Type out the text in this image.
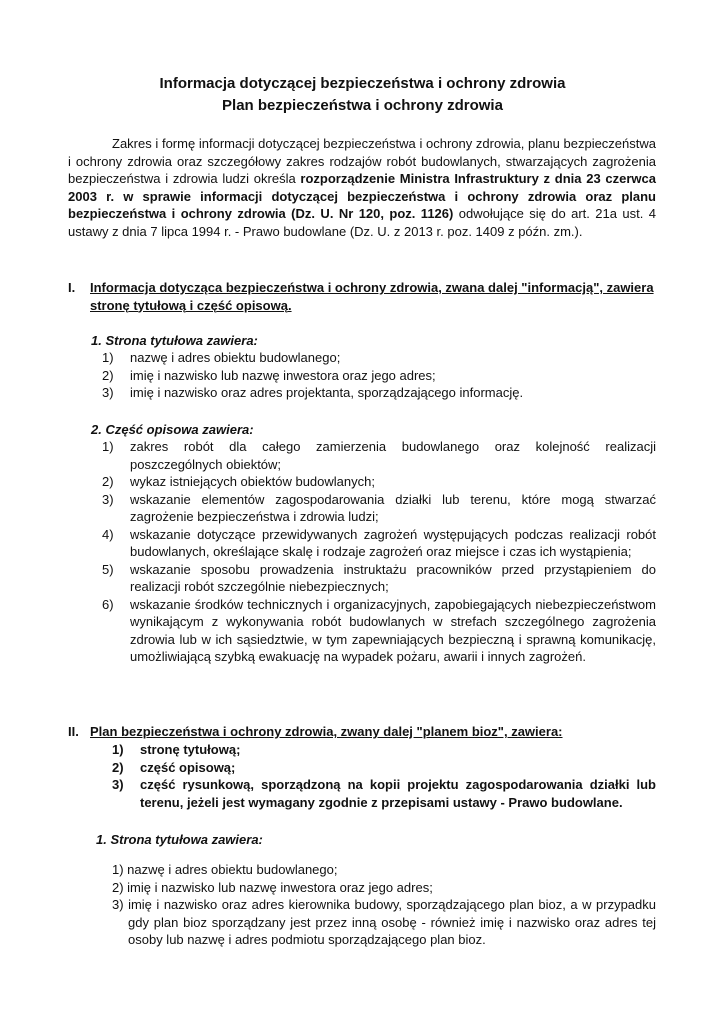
Informacja dotyczącej bezpieczeństwa i ochrony zdrowia
Plan bezpieczeństwa i ochrony zdrowia
Zakres i formę informacji dotyczącej bezpieczeństwa i ochrony zdrowia, planu bezpieczeństwa i ochrony zdrowia oraz szczegółowy zakres rodzajów robót budowlanych, stwarzających zagrożenia bezpieczeństwa i zdrowia ludzi określa rozporządzenie Ministra Infrastruktury z dnia 23 czerwca 2003 r. w sprawie informacji dotyczącej bezpieczeństwa i ochrony zdrowia oraz planu bezpieczeństwa i ochrony zdrowia (Dz. U. Nr 120, poz. 1126) odwołujące się do art. 21a ust. 4 ustawy z dnia 7 lipca 1994 r. - Prawo budowlane (Dz. U. z 2013 r. poz. 1409 z późn. zm.).
I. Informacja dotycząca bezpieczeństwa i ochrony zdrowia, zwana dalej "informacją", zawiera stronę tytułową i część opisową.
1. Strona tytułowa zawiera:
1) nazwę i adres obiektu budowlanego;
2) imię i nazwisko lub nazwę inwestora oraz jego adres;
3) imię i nazwisko oraz adres projektanta, sporządzającego informację.
2. Część opisowa zawiera:
1) zakres robót dla całego zamierzenia budowlanego oraz kolejność realizacji poszczególnych obiektów;
2) wykaz istniejących obiektów budowlanych;
3) wskazanie elementów zagospodarowania działki lub terenu, które mogą stwarzać zagrożenie bezpieczeństwa i zdrowia ludzi;
4) wskazanie dotyczące przewidywanych zagrożeń występujących podczas realizacji robót budowlanych, określające skalę i rodzaje zagrożeń oraz miejsce i czas ich wystąpienia;
5) wskazanie sposobu prowadzenia instruktażu pracowników przed przystąpieniem do realizacji robót szczególnie niebezpiecznych;
6) wskazanie środków technicznych i organizacyjnych, zapobiegających niebezpieczeństwom wynikającym z wykonywania robót budowlanych w strefach szczególnego zagrożenia zdrowia lub w ich sąsiedztwie, w tym zapewniających bezpieczną i sprawną komunikację, umożliwiającą szybką ewakuację na wypadek pożaru, awarii i innych zagrożeń.
II. Plan bezpieczeństwa i ochrony zdrowia, zwany dalej "planem bioz", zawiera:
1) stronę tytułową;
2) część opisową;
3) część rysunkową, sporządzoną na kopii projektu zagospodarowania działki lub terenu, jeżeli jest wymagany zgodnie z przepisami ustawy - Prawo budowlane.
1. Strona tytułowa zawiera:
1) nazwę i adres obiektu budowlanego;
2) imię i nazwisko lub nazwę inwestora oraz jego adres;
3) imię i nazwisko oraz adres kierownika budowy, sporządzającego plan bioz, a w przypadku gdy plan bioz sporządzany jest przez inną osobę - również imię i nazwisko oraz adres tej osoby lub nazwę i adres podmiotu sporządzającego plan bioz.
